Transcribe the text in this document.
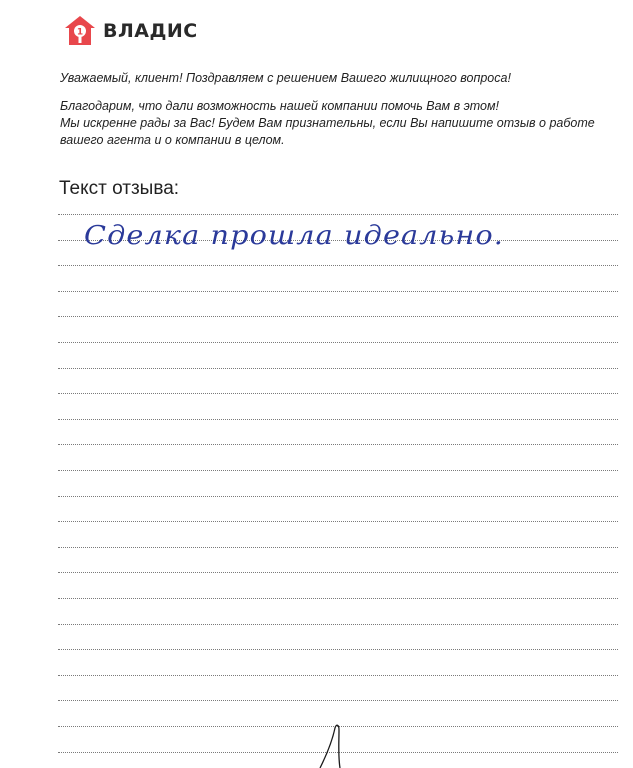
1 ВЛАДИС

Уважаемый, клиент! Поздравляем с решением Вашего жилищного вопроса!

Благодарим, что дали возможность нашей компании помочь Вам в этом!
Мы искренне рады за Вас! Будем Вам признательны, если Вы напишите отзыв о работе
вашего агента и о компании в целом.

Текст отзыва:
Сделка прошла идеально.
